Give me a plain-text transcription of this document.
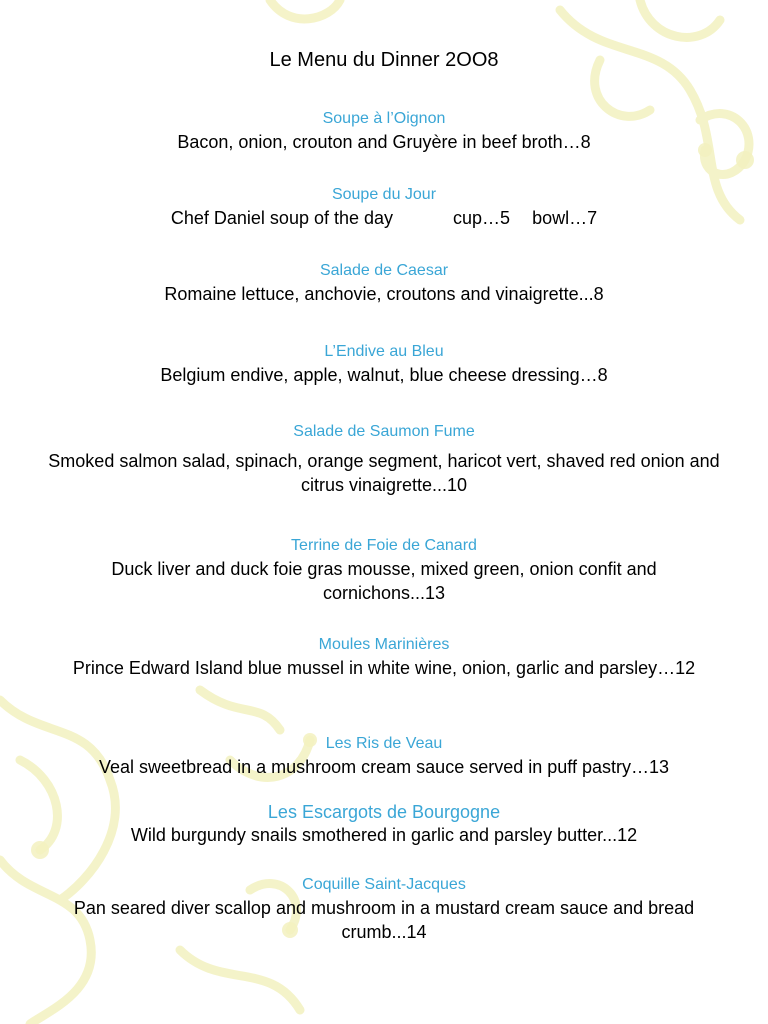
Le Menu du Dinner 2OO8
Soupe à l’Oignon
Bacon, onion, crouton and Gruyère in beef broth…8
Soupe du Jour
Chef Daniel soup of the day	cup…5 bowl…7
Salade de Caesar
Romaine lettuce, anchovie, croutons and vinaigrette...8
L’Endive au Bleu
Belgium endive, apple, walnut, blue cheese dressing…8
Salade de Saumon Fume
Smoked salmon salad, spinach, orange segment, haricot vert, shaved red onion and citrus vinaigrette...10
Terrine de Foie de Canard
Duck liver and duck foie gras mousse, mixed green, onion confit and cornichons...13
Moules Marinières
Prince Edward Island blue mussel in white wine, onion, garlic and parsley…12
Les Ris de Veau
Veal sweetbread in a mushroom cream sauce served in puff pastry…13
Les Escargots de Bourgogne
Wild burgundy snails smothered in garlic and parsley butter...12
Coquille Saint-Jacques
Pan seared diver scallop and mushroom in a mustard cream sauce and bread crumb...14
